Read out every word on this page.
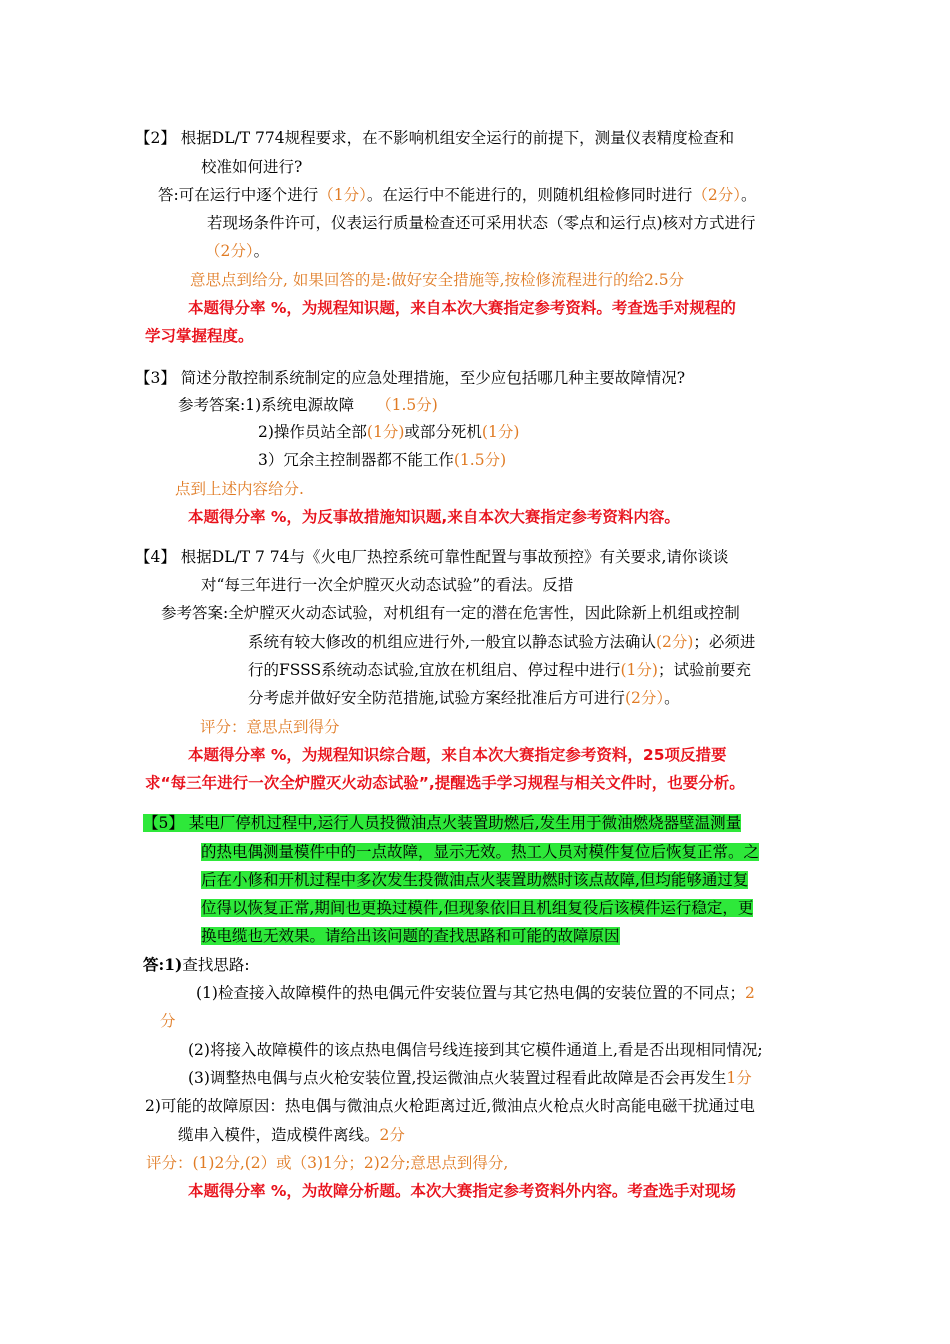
【2】 根据DL/T 774规程要求，在不影响机组安全运行的前提下，测量仪表精度检查和
校准如何进行?
答:可在运行中逐个进行（1分）。在运行中不能进行的，则随机组检修同时进行（2分）。
若现场条件许可，仪表运行质量检查还可采用状态（零点和运行点)核对方式进行
（2分）。
意思点到给分, 如果回答的是:做好安全措施等,按检修流程进行的给2.5分
本题得分率 %，为规程知识题，来自本次大赛指定参考资料。考查选手对规程的
学习掌握程度。
【3】 简述分散控制系统制定的应急处理措施，至少应包括哪几种主要故障情况?
参考答案:1)系统电源故障 （1.5分)
2)操作员站全部(1分)或部分死机(1分)
3）冗余主控制器都不能工作(1.5分)
点到上述内容给分.
本题得分率 %，为反事故措施知识题,来自本次大赛指定参考资料内容。
【4】 根据DL/T 7 74与《火电厂热控系统可靠性配置与事故预控》有关要求,请你谈谈
对“每三年进行一次全炉膛灭火动态试验”的看法。反措
参考答案:全炉膛灭火动态试验，对机组有一定的潜在危害性，因此除新上机组或控制
系统有较大修改的机组应进行外,一般宜以静态试验方法确认(2分)；必须进
行的FSSS系统动态试验,宜放在机组启、停过程中进行(1分)；试验前要充
分考虑并做好安全防范措施,试验方案经批准后方可进行(2分）。
评分：意思点到得分
本题得分率 %，为规程知识综合题，来自本次大赛指定参考资料，25项反措要
求“每三年进行一次全炉膛灭火动态试验”,提醒选手学习规程与相关文件时，也要分析。
【5】 某电厂停机过程中,运行人员投微油点火装置助燃后,发生用于微油燃烧器壁温测量
的热电偶测量模件中的一点故障，显示无效。热工人员对模件复位后恢复正常。之
后在小修和开机过程中多次发生投微油点火装置助燃时该点故障,但均能够通过复
位得以恢复正常,期间也更换过模件,但现象依旧且机组复役后该模件运行稳定，更
换电缆也无效果。请给出该问题的查找思路和可能的故障原因
答:1)查找思路:
(1)检查接入故障模件的热电偶元件安装位置与其它热电偶的安装位置的不同点；2
分
(2)将接入故障模件的该点热电偶信号线连接到其它模件通道上,看是否出现相同情况;
(3)调整热电偶与点火枪安装位置,投运微油点火装置过程看此故障是否会再发生1分
2)可能的故障原因：热电偶与微油点火枪距离过近,微油点火枪点火时高能电磁干扰通过电
缆串入模件，造成模件离线。2分
评分：(1)2分,(2）或（3)1分；2)2分;意思点到得分,
本题得分率 %，为故障分析题。本次大赛指定参考资料外内容。考查选手对现场
